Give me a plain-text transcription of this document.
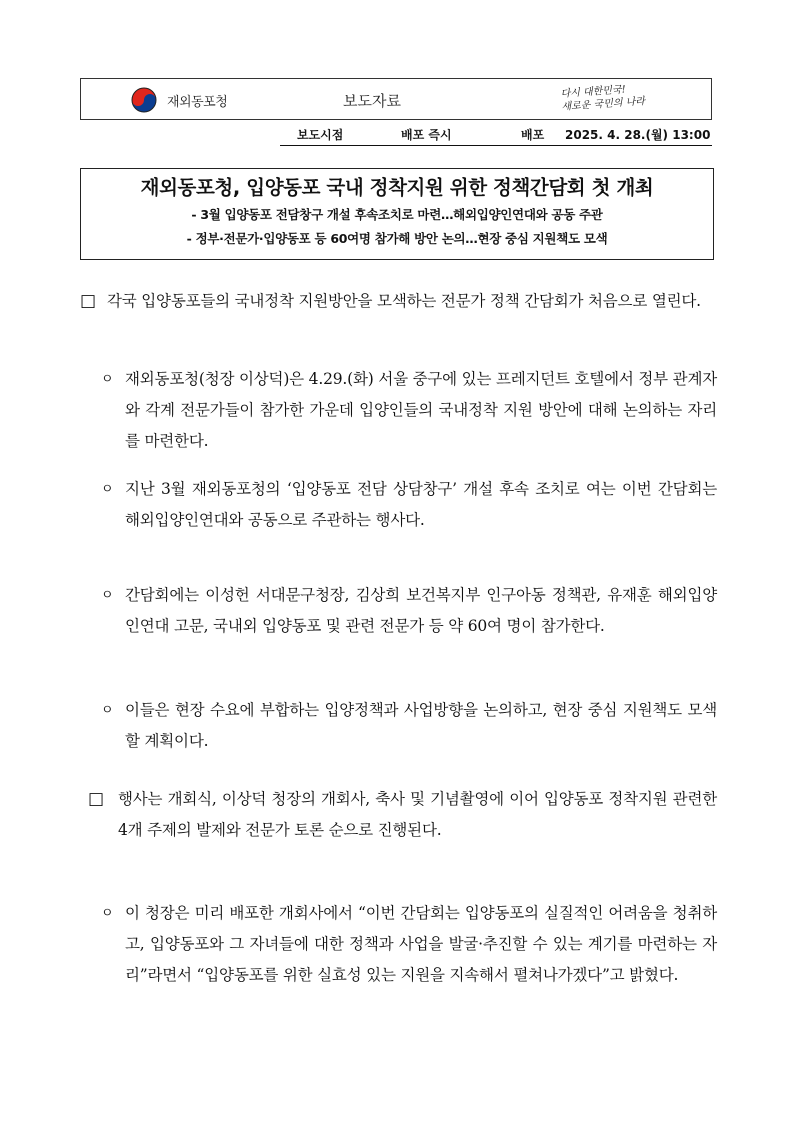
재외동포청	보도자료	다시 대한민국!
새로운 국민의 나라
보도시점	배포 즉시	배포 2025. 4. 28.(월) 13:00
재외동포청, 입양동포 국내 정착지원 위한 정책간담회 첫 개최
- 3월 입양동포 전담창구 개설 후속조치로 마련…해외입양인연대와 공동 주관
- 정부·전문가·입양동포 등 60여명 참가해 방안 논의…현장 중심 지원책도 모색
□ 각국 입양동포들의 국내정착 지원방안을 모색하는 전문가 정책 간담회가 처음으로 열린다.
ㅇ 재외동포청(청장 이상덕)은 4.29.(화) 서울 중구에 있는 프레지던트 호텔에서 정부 관계자와 각계 전문가들이 참가한 가운데 입양인들의 국내정착 지원 방안에 대해 논의하는 자리를 마련한다.
ㅇ 지난 3월 재외동포청의 ‘입양동포 전담 상담창구’ 개설 후속 조치로 여는 이번 간담회는 해외입양인연대와 공동으로 주관하는 행사다.
ㅇ 간담회에는 이성헌 서대문구청장, 김상희 보건복지부 인구아동 정책관, 유재훈 해외입양인연대 고문, 국내외 입양동포 및 관련 전문가 등 약 60여 명이 참가한다.
ㅇ 이들은 현장 수요에 부합하는 입양정책과 사업방향을 논의하고, 현장 중심 지원책도 모색할 계획이다.
□ 행사는 개회식, 이상덕 청장의 개회사, 축사 및 기념촬영에 이어 입양동포 정착지원 관련한 4개 주제의 발제와 전문가 토론 순으로 진행된다.
ㅇ 이 청장은 미리 배포한 개회사에서 “이번 간담회는 입양동포의 실질적인 어려움을 청취하고, 입양동포와 그 자녀들에 대한 정책과 사업을 발굴·추진할 수 있는 계기를 마련하는 자리”라면서 “입양동포를 위한 실효성 있는 지원을 지속해서 펼쳐나가겠다”고 밝혔다.
